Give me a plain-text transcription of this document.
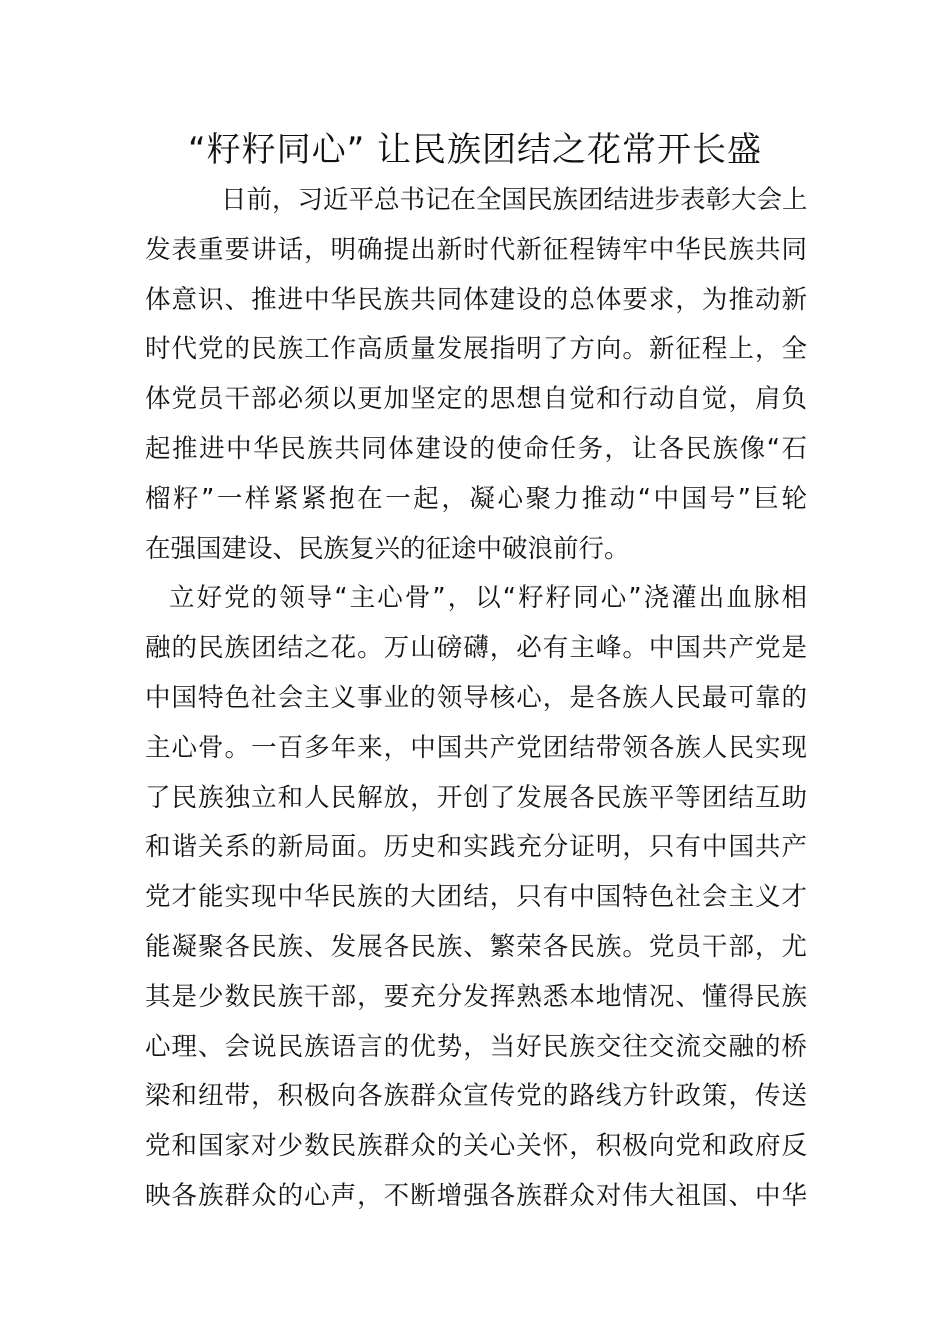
“籽籽同心” 让民族团结之花常开长盛
日前，习近平总书记在全国民族团结进步表彰大会上
发表重要讲话，明确提出新时代新征程铸牢中华民族共同
体意识、推进中华民族共同体建设的总体要求，为推动新
时代党的民族工作高质量发展指明了方向。新征程上，全
体党员干部必须以更加坚定的思想自觉和行动自觉，肩负
起推进中华民族共同体建设的使命任务，让各民族像“石
榴籽”一样紧紧抱在一起，凝心聚力推动“中国号”巨轮
在强国建设、民族复兴的征途中破浪前行。
立好党的领导“主心骨”，以“籽籽同心”浇灌出血脉相
融的民族团结之花。万山磅礴，必有主峰。中国共产党是
中国特色社会主义事业的领导核心，是各族人民最可靠的
主心骨。一百多年来，中国共产党团结带领各族人民实现
了民族独立和人民解放，开创了发展各民族平等团结互助
和谐关系的新局面。历史和实践充分证明，只有中国共产
党才能实现中华民族的大团结，只有中国特色社会主义才
能凝聚各民族、发展各民族、繁荣各民族。党员干部，尤
其是少数民族干部，要充分发挥熟悉本地情况、懂得民族
心理、会说民族语言的优势，当好民族交往交流交融的桥
梁和纽带，积极向各族群众宣传党的路线方针政策，传送
党和国家对少数民族群众的关心关怀，积极向党和政府反
映各族群众的心声，不断增强各族群众对伟大祖国、中华
